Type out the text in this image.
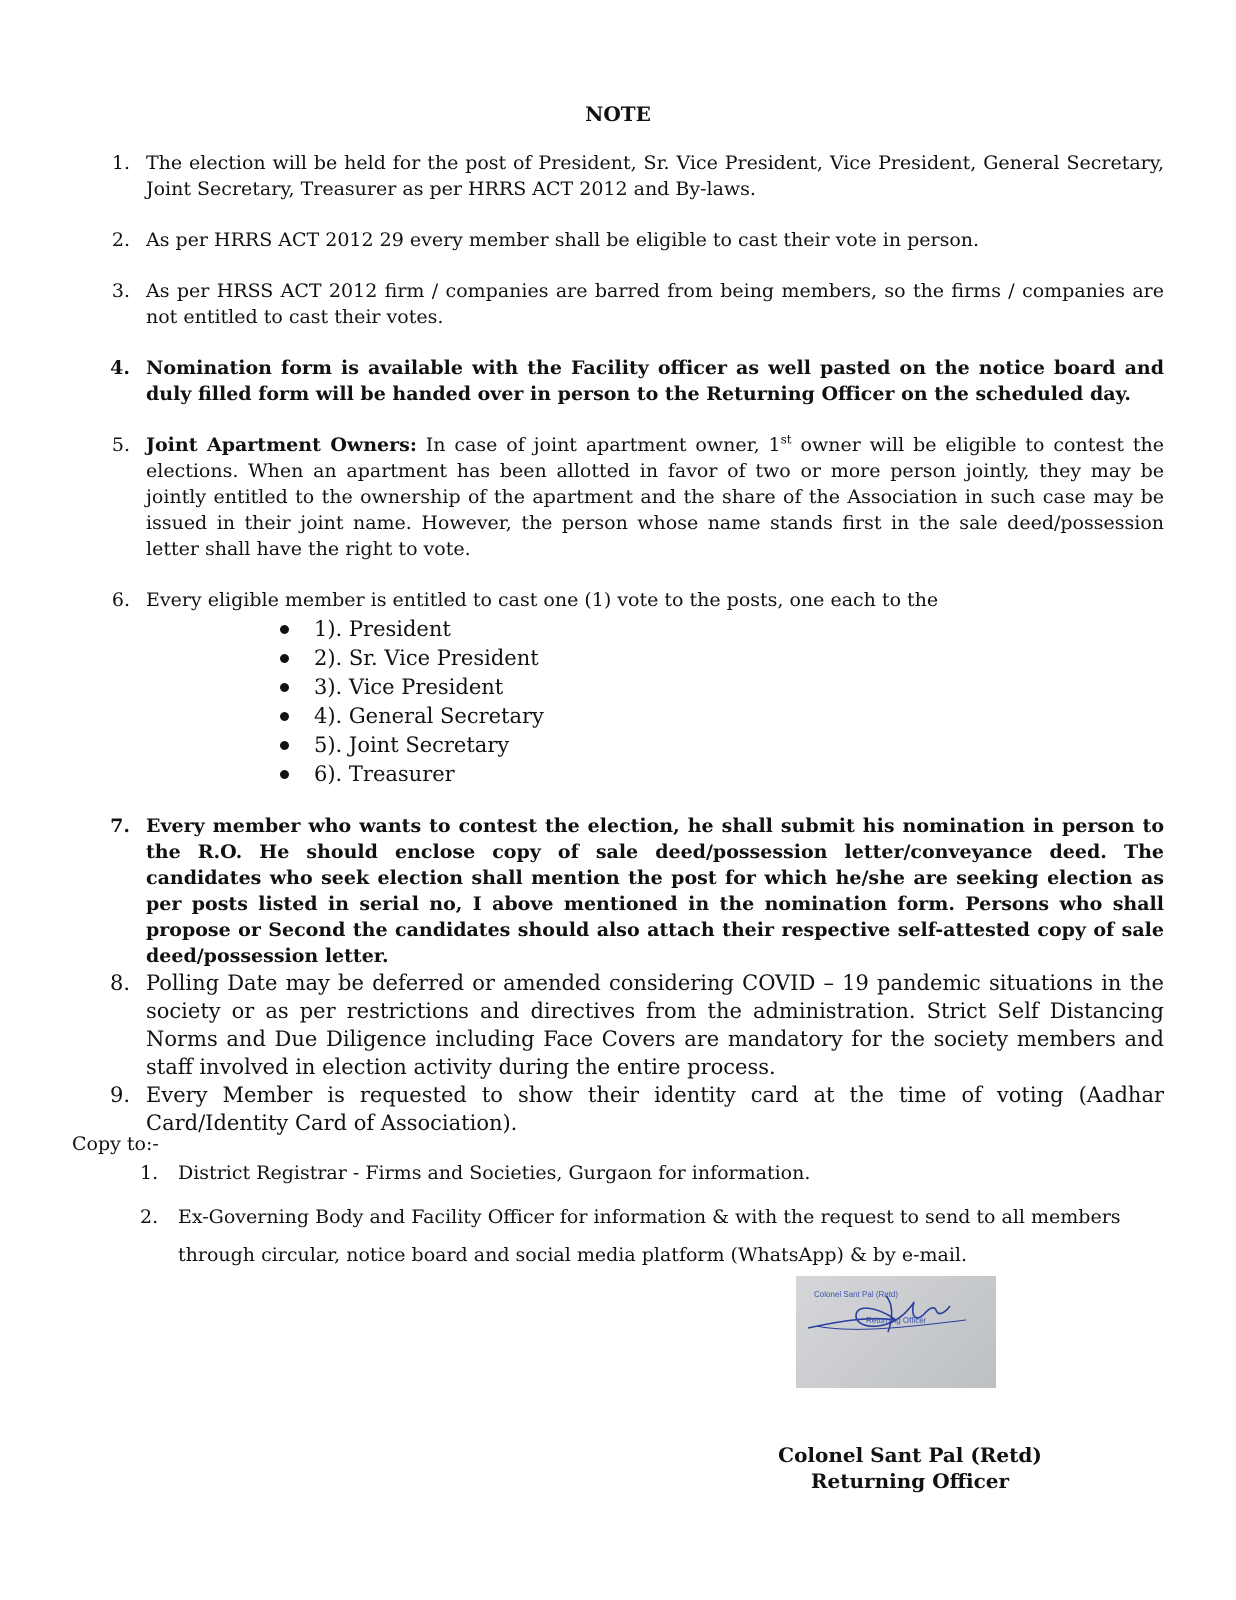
NOTE
1. The election will be held for the post of President, Sr. Vice President, Vice President, General Secretary, Joint Secretary, Treasurer as per HRRS ACT 2012 and By-laws.
2. As per HRRS ACT 2012 29 every member shall be eligible to cast their vote in person.
3. As per HRSS ACT 2012 firm / companies are barred from being members, so the firms / companies are not entitled to cast their votes.
4. Nomination form is available with the Facility officer as well pasted on the notice board and duly filled form will be handed over in person to the Returning Officer on the scheduled day.
5. Joint Apartment Owners: In case of joint apartment owner, 1st owner will be eligible to contest the elections. When an apartment has been allotted in favor of two or more person jointly, they may be jointly entitled to the ownership of the apartment and the share of the Association in such case may be issued in their joint name. However, the person whose name stands first in the sale deed/possession letter shall have the right to vote.
6. Every eligible member is entitled to cast one (1) vote to the posts, one each to the
1). President
2). Sr. Vice President
3). Vice President
4). General Secretary
5). Joint Secretary
6). Treasurer
7. Every member who wants to contest the election, he shall submit his nomination in person to the R.O. He should enclose copy of sale deed/possession letter/conveyance deed. The candidates who seek election shall mention the post for which he/she are seeking election as per posts listed in serial no, I above mentioned in the nomination form. Persons who shall propose or Second the candidates should also attach their respective self-attested copy of sale deed/possession letter.
8. Polling Date may be deferred or amended considering COVID – 19 pandemic situations in the society or as per restrictions and directives from the administration. Strict Self Distancing Norms and Due Diligence including Face Covers are mandatory for the society members and staff involved in election activity during the entire process.
9. Every Member is requested to show their identity card at the time of voting (Aadhar Card/Identity Card of Association).
Copy to:-
1.	District Registrar - Firms and Societies, Gurgaon for information.
2.	Ex-Governing Body and Facility Officer for information & with the request to send to all members through circular, notice board and social media platform (WhatsApp) & by e-mail.
Colonel Sant Pal (Retd)
Returning Officer
Colonel Sant Pal (Retd)
Returning Officer
